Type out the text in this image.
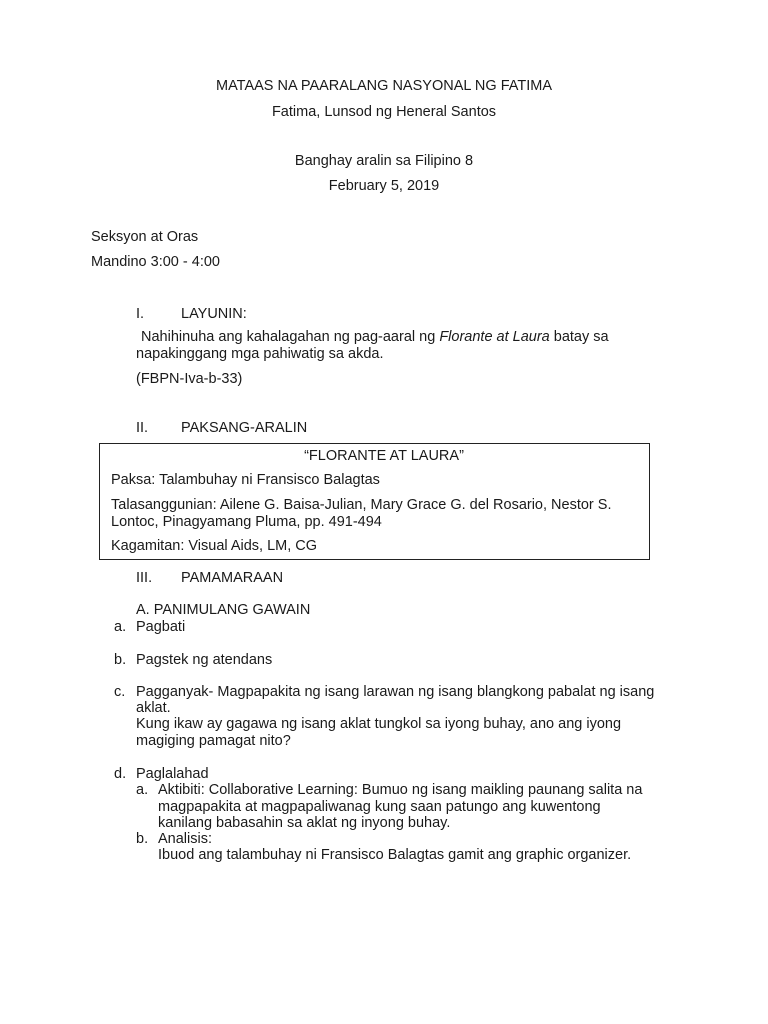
MATAAS NA PAARALANG NASYONAL NG FATIMA
Fatima, Lunsod ng Heneral Santos
Banghay aralin sa Filipino 8
February 5, 2019
Seksyon at Oras
Mandino 3:00 - 4:00
I.	LAYUNIN:
Nahihinuha ang kahalagahan ng pag-aaral ng Florante at Laura batay sa
napakinggang mga pahiwatig sa akda.
(FBPN-Iva-b-33)
II. PAKSANG-ARALIN
“FLORANTE AT LAURA”
Paksa: Talambuhay ni Fransisco Balagtas
Talasanggunian: Ailene G. Baisa-Julian, Mary Grace G. del Rosario, Nestor S.
Lontoc, Pinagyamang Pluma, pp. 491-494
Kagamitan: Visual Aids, LM, CG
III. PAMAMARAAN
A. PANIMULANG GAWAIN
a. Pagbati
b. Pagstek ng atendans
c. Pagganyak- Magpapakita ng isang larawan ng isang blangkong pabalat ng isang
aklat.
Kung ikaw ay gagawa ng isang aklat tungkol sa iyong buhay, ano ang iyong
magiging pamagat nito?
d. Paglalahad
a. Aktibiti: Collaborative Learning: Bumuo ng isang maikling paunang salita na
magpapakita at magpapaliwanag kung saan patungo ang kuwentong
kanilang babasahin sa aklat ng inyong buhay.
b. Analisis:
Ibuod ang talambuhay ni Fransisco Balagtas gamit ang graphic organizer.
